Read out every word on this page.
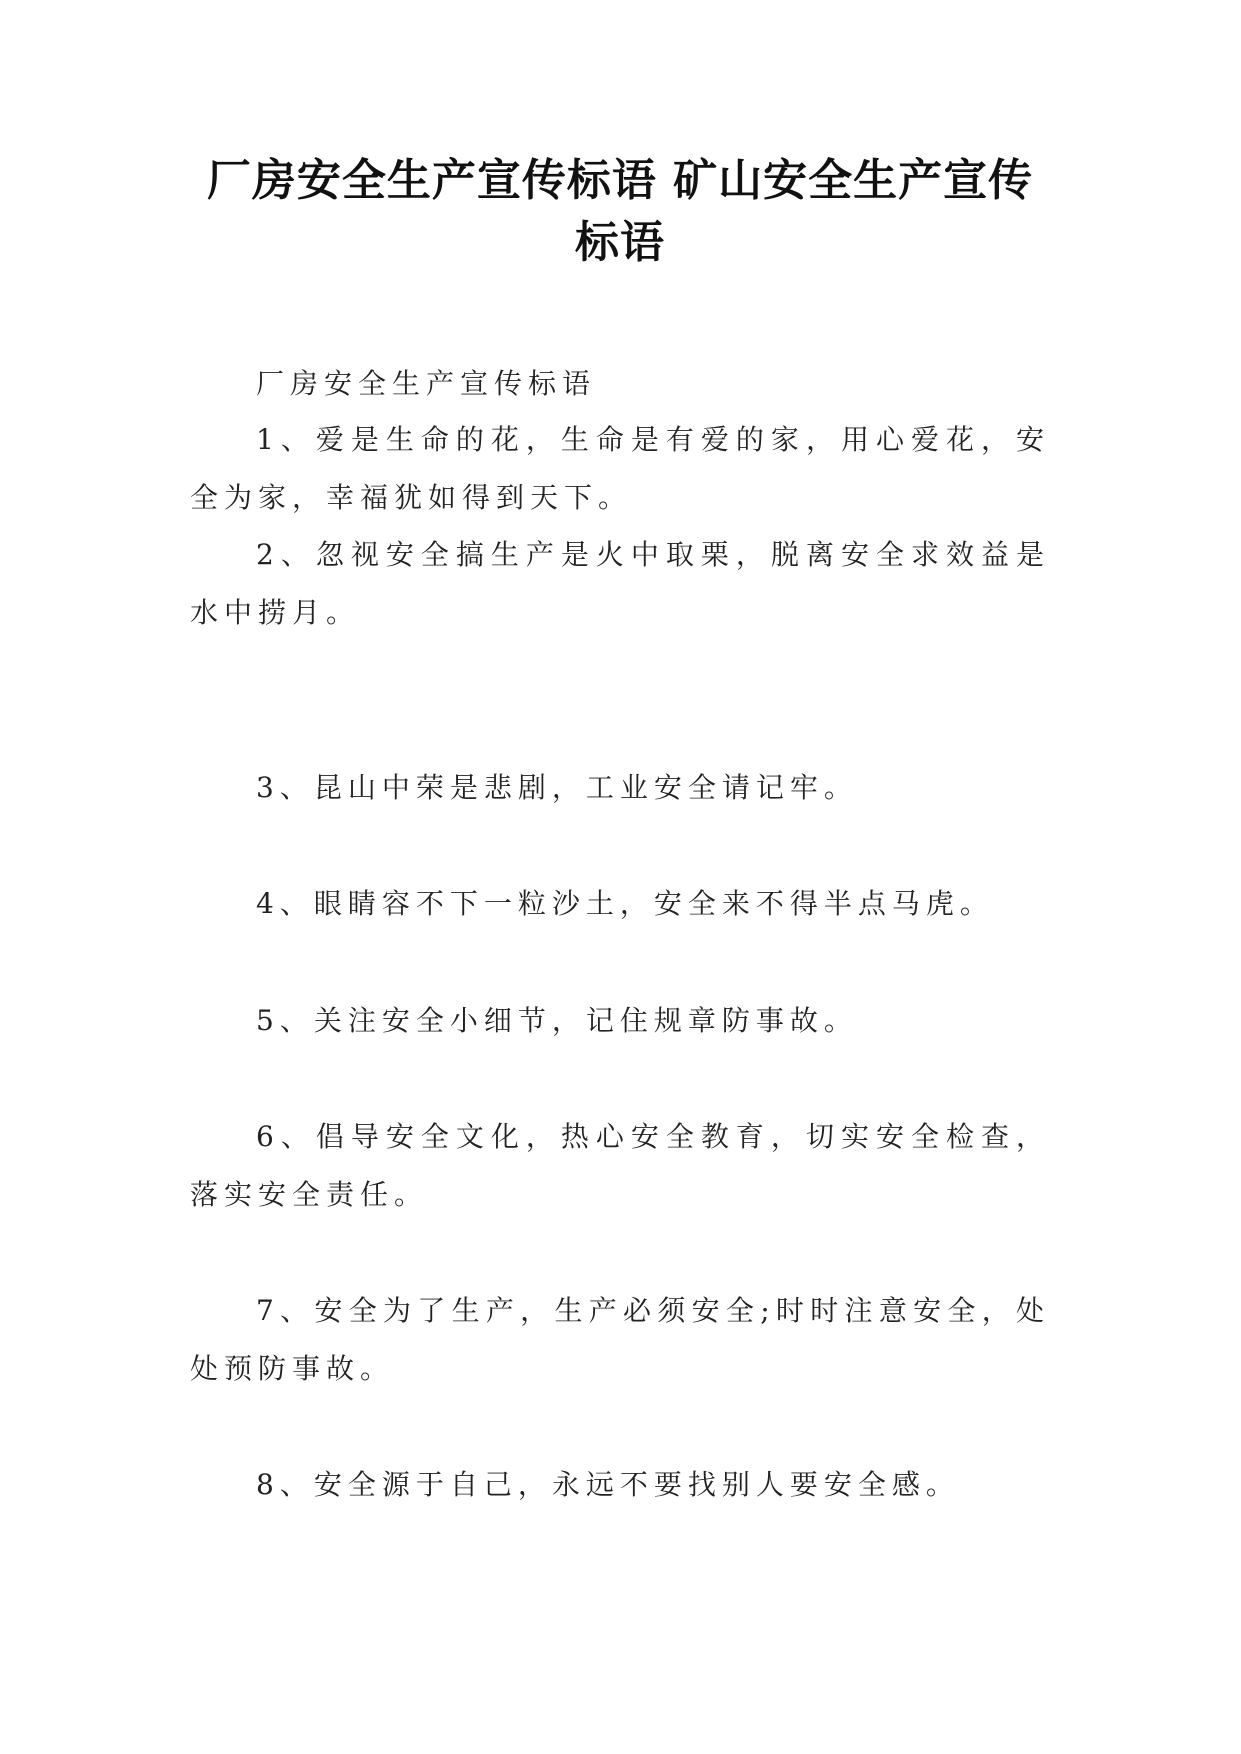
厂房安全生产宣传标语 矿山安全生产宣传标语

厂房安全生产宣传标语

1、爱是生命的花，生命是有爱的家，用心爱花，安全为家，幸福犹如得到天下。

2、忽视安全搞生产是火中取栗，脱离安全求效益是水中捞月。

3、昆山中荣是悲剧，工业安全请记牢。

4、眼睛容不下一粒沙土，安全来不得半点马虎。

5、关注安全小细节，记住规章防事故。

6、倡导安全文化，热心安全教育，切实安全检查，落实安全责任。

7、安全为了生产，生产必须安全;时时注意安全，处处预防事故。

8、安全源于自己，永远不要找别人要安全感。
